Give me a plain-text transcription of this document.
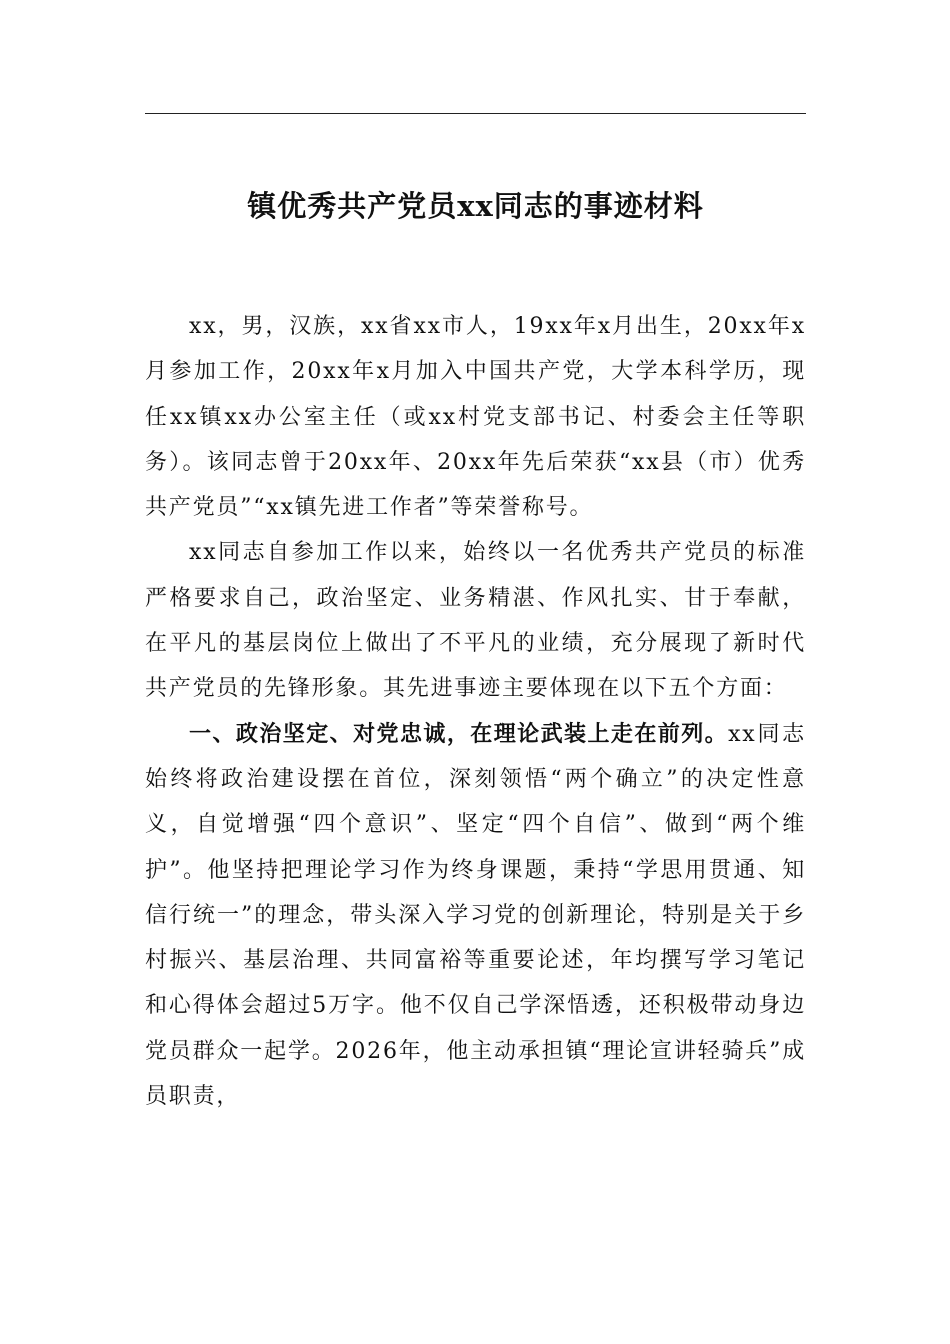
镇优秀共产党员xx同志的事迹材料

xx，男，汉族，xx省xx市人，19xx年x月出生，20xx年x月参加工作，20xx年x月加入中国共产党，大学本科学历，现任xx镇xx办公室主任（或xx村党支部书记、村委会主任等职务）。该同志曾于20xx年、20xx年先后荣获“xx县（市）优秀共产党员”“xx镇先进工作者”等荣誉称号。

xx同志自参加工作以来，始终以一名优秀共产党员的标准严格要求自己，政治坚定、业务精湛、作风扎实、甘于奉献，在平凡的基层岗位上做出了不平凡的业绩，充分展现了新时代共产党员的先锋形象。其先进事迹主要体现在以下五个方面：

一、政治坚定、对党忠诚，在理论武装上走在前列。xx同志始终将政治建设摆在首位，深刻领悟“两个确立”的决定性意义，自觉增强“四个意识”、坚定“四个自信”、做到“两个维护”。他坚持把理论学习作为终身课题，秉持“学思用贯通、知信行统一”的理念，带头深入学习党的创新理论，特别是关于乡村振兴、基层治理、共同富裕等重要论述，年均撰写学习笔记和心得体会超过5万字。他不仅自己学深悟透，还积极带动身边党员群众一起学。2026年，他主动承担镇“理论宣讲轻骑兵”成员职责，
